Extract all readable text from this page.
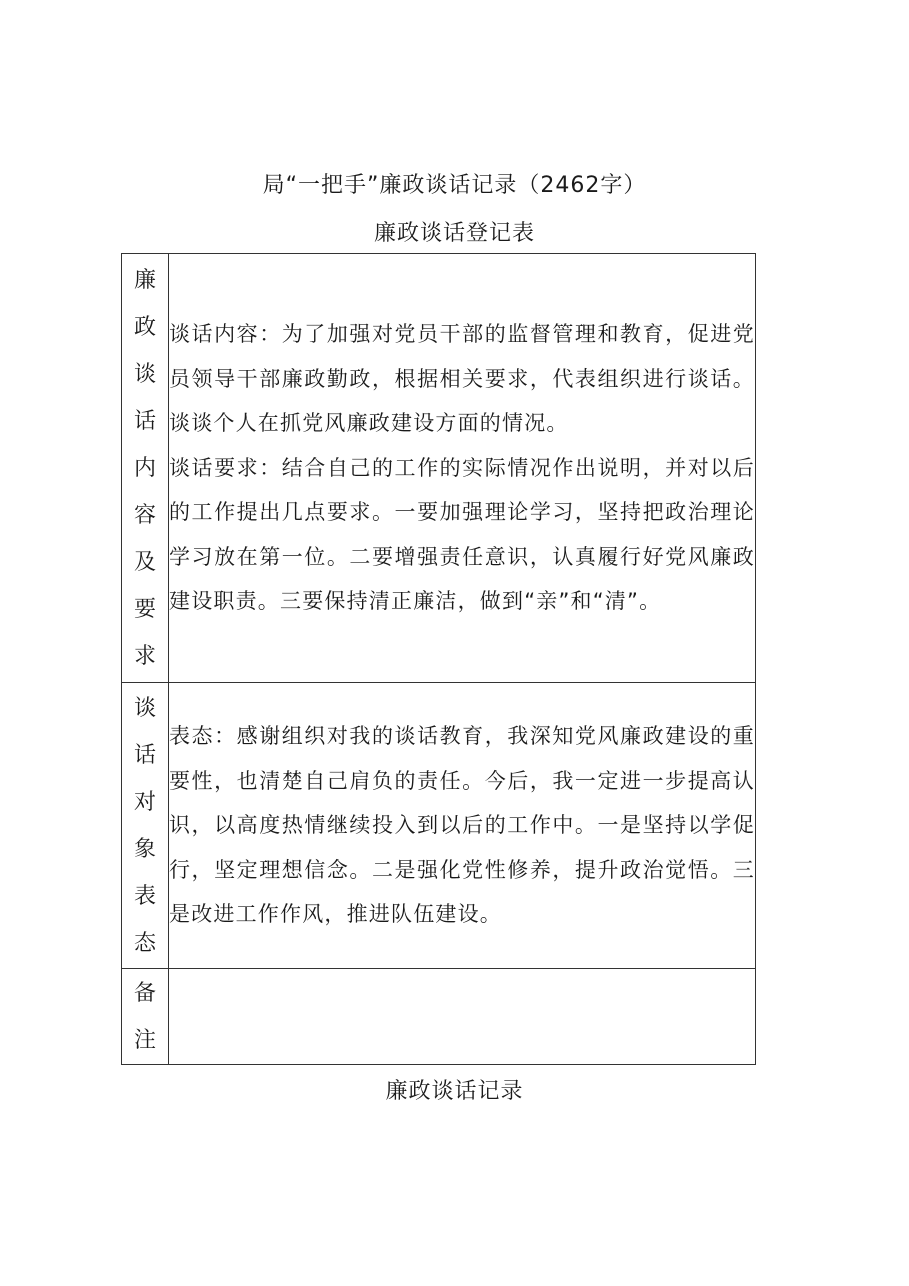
局“一把手”廉政谈话记录（2462字）
廉政谈话登记表
廉政谈话内容及要求	谈话内容：为了加强对党员干部的监督管理和教育，促进党员领导干部廉政勤政，根据相关要求，代表组织进行谈话。谈谈个人在抓党风廉政建设方面的情况。

谈话要求：结合自己的工作的实际情况作出说明，并对以后的工作提出几点要求。一要加强理论学习，坚持把政治理论学习放在第一位。二要增强责任意识，认真履行好党风廉政建设职责。三要保持清正廉洁，做到“亲”和“清”。

谈话对象表态	表态：感谢组织对我的谈话教育，我深知党风廉政建设的重要性，也清楚自己肩负的责任。今后，我一定进一步提高认识，以高度热情继续投入到以后的工作中。一是坚持以学促行，坚定理想信念。二是强化党性修养，提升政治觉悟。三是改进工作作风，推进队伍建设。

备注	

廉政谈话记录
